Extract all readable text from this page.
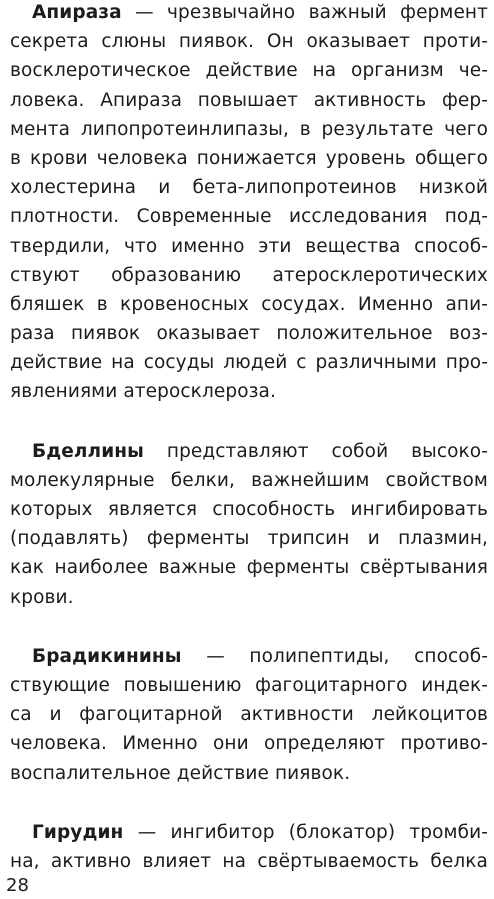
Апираза — чрезвычайно важный фермент
секрета слюны пиявок. Он оказывает проти-
восклеротическое действие на организм че-
ловека. Апираза повышает активность фер-
мента липопротеинлипазы, в результате чего
в крови человека понижается уровень общего
холестерина и бета-липопротеинов низкой
плотности. Современные исследования под-
твердили, что именно эти вещества способ-
ствуют образованию атеросклеротических
бляшек в кровеносных сосудах. Именно апи-
раза пиявок оказывает положительное воз-
действие на сосуды людей с различными про-
явлениями атеросклероза.
Бделлины представляют собой высоко-
молекулярные белки, важнейшим свойством
которых является способность ингибировать
(подавлять) ферменты трипсин и плазмин,
как наиболее важные ферменты свёртывания
крови.
Брадикинины — полипептиды, способ-
ствующие повышению фагоцитарного индек-
са и фагоцитарной активности лейкоцитов
человека. Именно они определяют противо-
воспалительное действие пиявок.
Гирудин — ингибитор (блокатор) тромби-
на, активно влияет на свёртываемость белка
28
